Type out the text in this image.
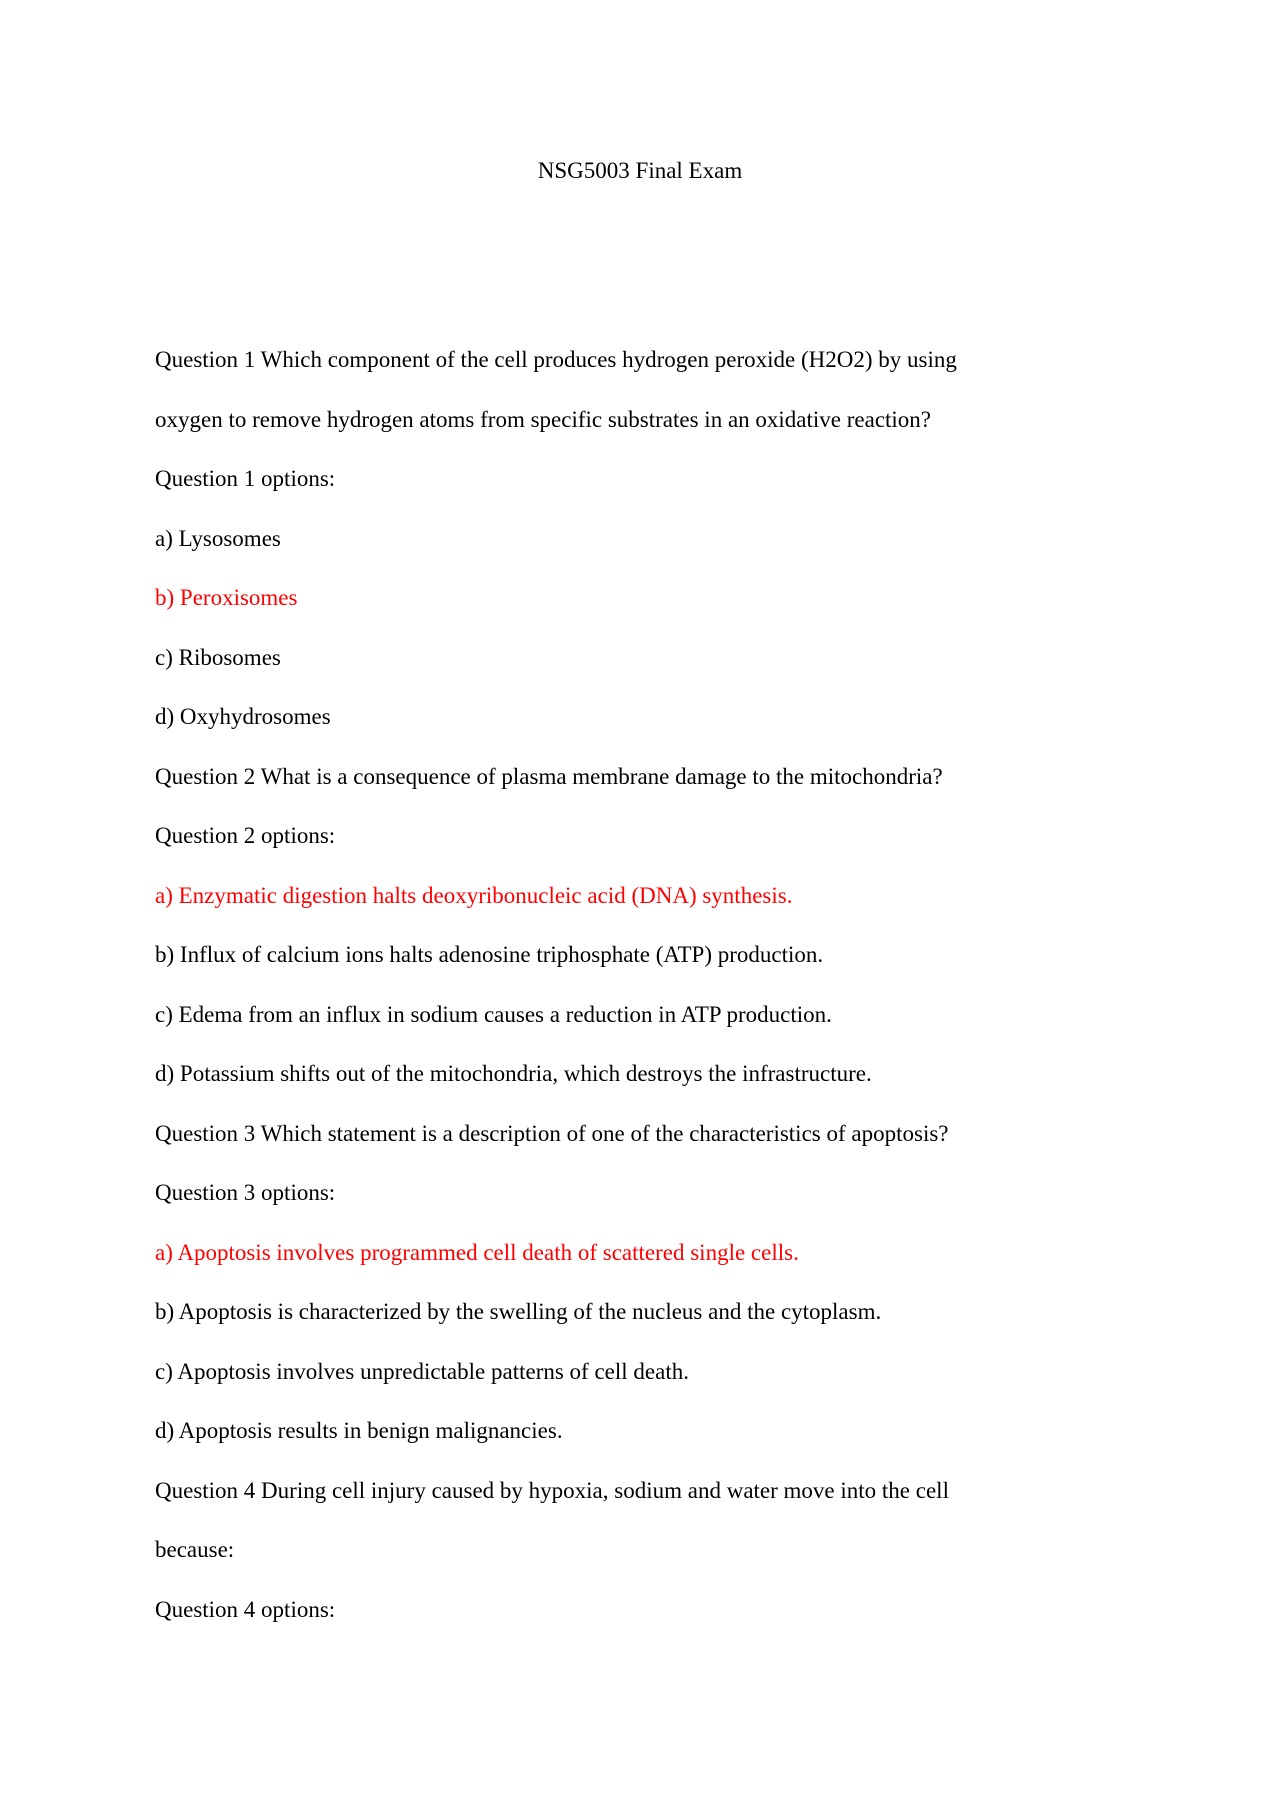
NSG5003 Final Exam
Question 1 Which component of the cell produces hydrogen peroxide (H2O2) by using
oxygen to remove hydrogen atoms from specific substrates in an oxidative reaction?
Question 1 options:
a) Lysosomes
b) Peroxisomes
c) Ribosomes
d) Oxyhydrosomes
Question 2 What is a consequence of plasma membrane damage to the mitochondria?
Question 2 options:
a) Enzymatic digestion halts deoxyribonucleic acid (DNA) synthesis.
b) Influx of calcium ions halts adenosine triphosphate (ATP) production.
c) Edema from an influx in sodium causes a reduction in ATP production.
d) Potassium shifts out of the mitochondria, which destroys the infrastructure.
Question 3 Which statement is a description of one of the characteristics of apoptosis?
Question 3 options:
a) Apoptosis involves programmed cell death of scattered single cells.
b) Apoptosis is characterized by the swelling of the nucleus and the cytoplasm.
c) Apoptosis involves unpredictable patterns of cell death.
d) Apoptosis results in benign malignancies.
Question 4 During cell injury caused by hypoxia, sodium and water move into the cell
because:
Question 4 options:
